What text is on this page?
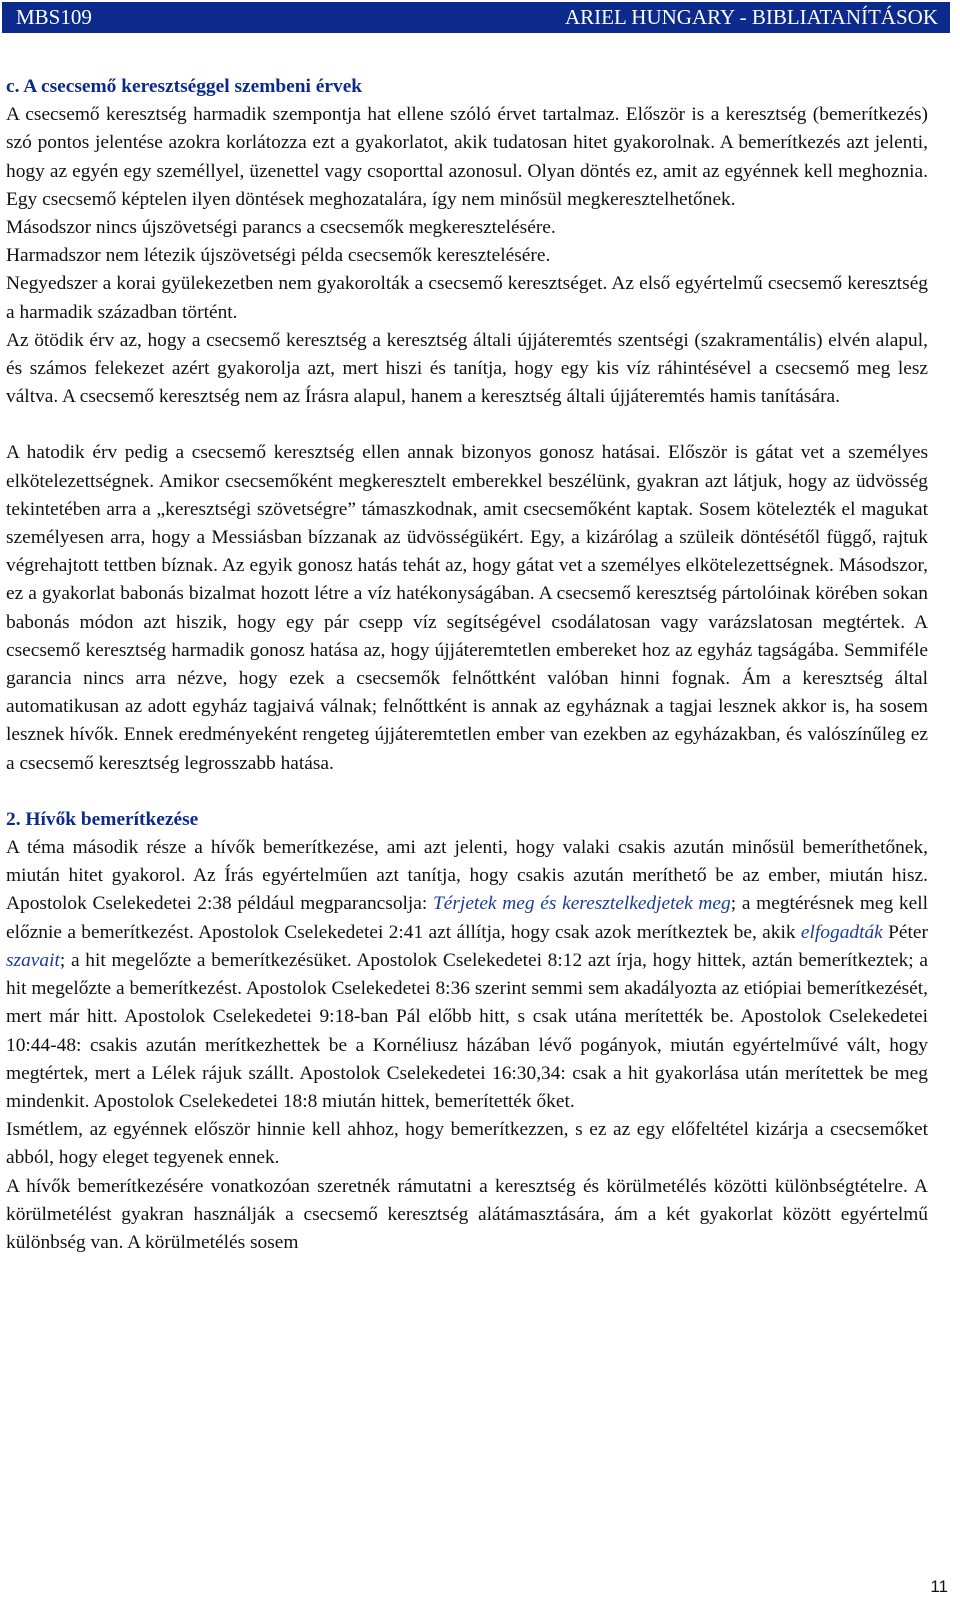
MBS109	ARIEL HUNGARY - BIBLIATANÍTÁSOK

c. A csecsemő keresztséggel szembeni érvek

A csecsemő keresztség harmadik szempontja hat ellene szóló érvet tartalmaz. Először is a keresztség (bemerítkezés) szó pontos jelentése azokra korlátozza ezt a gyakorlatot, akik tudatosan hitet gyakorolnak. A bemerítkezés azt jelenti, hogy az egyén egy személlyel, üzenettel vagy csoporttal azonosul. Olyan döntés ez, amit az egyénnek kell meghoznia. Egy csecsemő képtelen ilyen döntések meghozatalára, így nem minősül megkeresztelhetőnek.

Másodszor nincs újszövetségi parancs a csecsemők megkeresztelésére.

Harmadszor nem létezik újszövetségi példa csecsemők keresztelésére.

Negyedszer a korai gyülekezetben nem gyakorolták a csecsemő keresztséget. Az első egyértelmű csecsemő keresztség a harmadik században történt.

Az ötödik érv az, hogy a csecsemő keresztség a keresztség általi újjáteremtés szentségi (szakramentális) elvén alapul, és számos felekezet azért gyakorolja azt, mert hiszi és tanítja, hogy egy kis víz ráhintésével a csecsemő meg lesz váltva. A csecsemő keresztség nem az Írásra alapul, hanem a keresztség általi újjáteremtés hamis tanítására.

A hatodik érv pedig a csecsemő keresztség ellen annak bizonyos gonosz hatásai. Először is gátat vet a személyes elkötelezettségnek. Amikor csecsemőként megkeresztelt emberekkel beszélünk, gyakran azt látjuk, hogy az üdvösség tekintetében arra a „keresztségi szövetségre” támaszkodnak, amit csecsemőként kaptak. Sosem kötelezték el magukat személyesen arra, hogy a Messiásban bízzanak az üdvösségükért. Egy, a kizárólag a szüleik döntésétől függő, rajtuk végrehajtott tettben bíznak. Az egyik gonosz hatás tehát az, hogy gátat vet a személyes elkötelezettségnek. Másodszor, ez a gyakorlat babonás bizalmat hozott létre a víz hatékonyságában. A csecsemő keresztség pártolóinak körében sokan babonás módon azt hiszik, hogy egy pár csepp víz segítségével csodálatosan vagy varázslatosan megtértek. A csecsemő keresztség harmadik gonosz hatása az, hogy újjáteremtetlen embereket hoz az egyház tagságába. Semmiféle garancia nincs arra nézve, hogy ezek a csecsemők felnőttként valóban hinni fognak. Ám a keresztség által automatikusan az adott egyház tagjaivá válnak; felnőttként is annak az egyháznak a tagjai lesznek akkor is, ha sosem lesznek hívők. Ennek eredményeként rengeteg újjáteremtetlen ember van ezekben az egyházakban, és valószínűleg ez a csecsemő keresztség legrosszabb hatása.

2. Hívők bemerítkezése

A téma második része a hívők bemerítkezése, ami azt jelenti, hogy valaki csakis azután minősül bemeríthetőnek, miután hitet gyakorol. Az Írás egyértelműen azt tanítja, hogy csakis azután meríthető be az ember, miután hisz. Apostolok Cselekedetei 2:38 például megparancsolja: Térjetek meg és keresztelkedjetek meg; a megtérésnek meg kell előznie a bemerítkezést. Apostolok Cselekedetei 2:41 azt állítja, hogy csak azok merítkeztek be, akik elfogadták Péter szavait; a hit megelőzte a bemerítkezésüket. Apostolok Cselekedetei 8:12 azt írja, hogy hittek, aztán bemerítkeztek; a hit megelőzte a bemerítkezést. Apostolok Cselekedetei 8:36 szerint semmi sem akadályozta az etiópiai bemerítkezését, mert már hitt. Apostolok Cselekedetei 9:18-ban Pál előbb hitt, s csak utána merítették be. Apostolok Cselekedetei 10:44-48: csakis azután merítkezhettek be a Kornéliusz házában lévő pogányok, miután egyértelművé vált, hogy megtértek, mert a Lélek rájuk szállt. Apostolok Cselekedetei 16:30,34: csak a hit gyakorlása után merítettek be meg mindenkit. Apostolok Cselekedetei 18:8 miután hittek, bemerítették őket.

Ismétlem, az egyénnek először hinnie kell ahhoz, hogy bemerítkezzen, s ez az egy előfeltétel kizárja a csecsemőket abból, hogy eleget tegyenek ennek.

A hívők bemerítkezésére vonatkozóan szeretnék rámutatni a keresztség és körülmetélés közötti különbségtételre. A körülmetélést gyakran használják a csecsemő keresztség alátámasztására, ám a két gyakorlat között egyértelmű különbség van. A körülmetélés sosem

11
